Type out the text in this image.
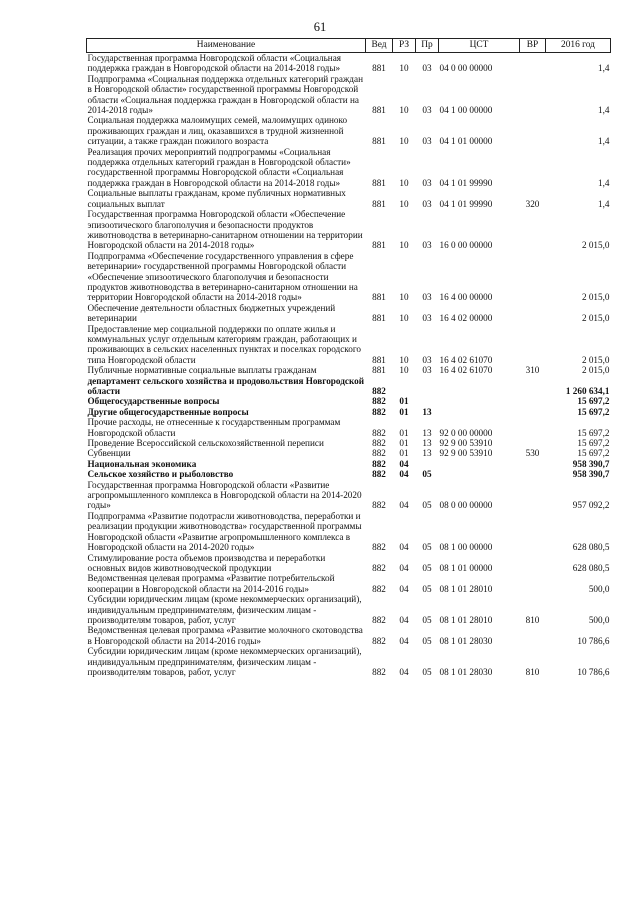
61
Наименование	Вед	РЗ	Пр	ЦСТ	ВР	2016 год
Государственная программа Новгородской области «Социальная поддержка граждан в Новгородской области на 2014-2018 годы»	881	10	03	04 0 00 00000		1,4
Подпрограмма «Социальная поддержка отдельных категорий граждан в Новгородской области» государственной программы Новгородской области «Социальная поддержка граждан в Новгородской области на 2014-2018 годы»	881	10	03	04 1 00 00000		1,4
Социальная поддержка малоимущих семей, малоимущих одиноко проживающих граждан и лиц, оказавшихся в трудной жизненной ситуации, а также граждан пожилого возраста	881	10	03	04 1 01 00000		1,4
Реализация прочих мероприятий подпрограммы «Социальная поддержка отдельных категорий граждан в Новгородской области» государственной программы Новгородской области «Социальная поддержка граждан в Новгородской области на 2014-2018 годы»	881	10	03	04 1 01 99990		1,4
Социальные выплаты гражданам, кроме публичных нормативных социальных выплат	881	10	03	04 1 01 99990	320	1,4
Государственная программа Новгородской области «Обеспечение эпизоотического благополучия и безопасности продуктов животноводства в ветеринарно-санитарном отношении на территории Новгородской области на 2014-2018 годы»	881	10	03	16 0 00 00000		2 015,0
Подпрограмма «Обеспечение государственного управления в сфере ветеринарии» государственной программы Новгородской области «Обеспечение эпизоотического благополучия и безопасности продуктов животноводства в ветеринарно-санитарном отношении на территории Новгородской области на 2014-2018 годы»	881	10	03	16 4 00 00000		2 015,0
Обеспечение деятельности областных бюджетных учреждений ветеринарии	881	10	03	16 4 02 00000		2 015,0
Предоставление мер социальной поддержки по оплате жилья и коммунальных услуг отдельным категориям граждан, работающих и проживающих в сельских населенных пунктах и поселках городского типа Новгородской области	881	10	03	16 4 02 61070		2 015,0
Публичные нормативные социальные выплаты гражданам	881	10	03	16 4 02 61070	310	2 015,0
департамент сельского хозяйства и продовольствия Новгородской области	882					1 260 634,1
Общегосударственные вопросы	882	01				15 697,2
Другие общегосударственные вопросы	882	01	13			15 697,2
Прочие расходы, не отнесенные к государственным программам Новгородской области	882	01	13	92 0 00 00000		15 697,2
Проведение Всероссийской сельскохозяйственной переписи	882	01	13	92 9 00 53910		15 697,2
Субвенции	882	01	13	92 9 00 53910	530	15 697,2
Национальная экономика	882	04				958 390,7
Сельское хозяйство и рыболовство	882	04	05			958 390,7
Государственная программа Новгородской области «Развитие агропромышленного комплекса в Новгородской области на 2014-2020 годы»	882	04	05	08 0 00 00000		957 092,2
Подпрограмма «Развитие подотрасли животноводства, переработки и реализации продукции животноводства» государственной программы Новгородской области «Развитие агропромышленного комплекса в Новгородской области на 2014-2020 годы»	882	04	05	08 1 00 00000		628 080,5
Стимулирование роста объемов производства и переработки основных видов животноводческой продукции	882	04	05	08 1 01 00000		628 080,5
Ведомственная целевая программа «Развитие потребительской кооперации в Новгородской области на 2014-2016 годы»	882	04	05	08 1 01 28010		500,0
Субсидии юридическим лицам (кроме некоммерческих организаций), индивидуальным предпринимателям, физическим лицам - производителям товаров, работ, услуг	882	04	05	08 1 01 28010	810	500,0
Ведомственная целевая программа «Развитие молочного скотоводства в Новгородской области на 2014-2016 годы»	882	04	05	08 1 01 28030		10 786,6
Субсидии юридическим лицам (кроме некоммерческих организаций), индивидуальным предпринимателям, физическим лицам - производителям товаров, работ, услуг	882	04	05	08 1 01 28030	810	10 786,6
